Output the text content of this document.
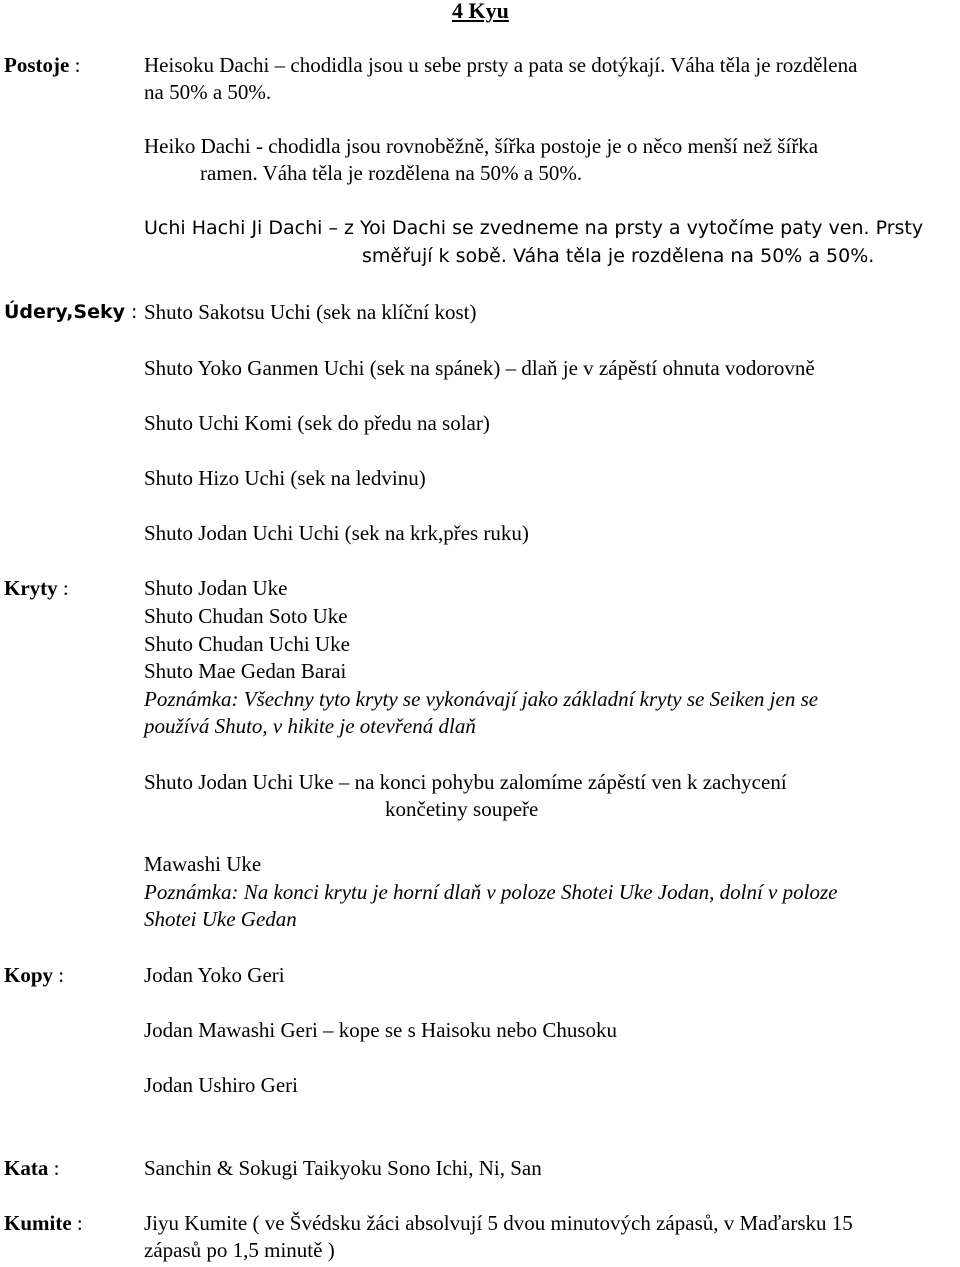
4 Kyu
Postoje :	Heisoku Dachi – chodidla jsou u sebe prsty a pata se dotýkají. Váha těla je rozdělena
na 50% a 50%.
Heiko Dachi - chodidla jsou rovnoběžně, šířka postoje je o něco menší než šířka
ramen. Váha těla je rozdělena na 50% a 50%.
Uchi Hachi Ji Dachi – z Yoi Dachi se zvedneme na prsty a vytočíme paty ven. Prsty
směřují k sobě. Váha těla je rozdělena na 50% a 50%.
Údery,Seky : Shuto Sakotsu Uchi (sek na klíční kost)
Shuto Yoko Ganmen Uchi (sek na spánek) – dlaň je v zápěstí ohnuta vodorovně
Shuto Uchi Komi (sek do předu na solar)
Shuto Hizo Uchi (sek na ledvinu)
Shuto Jodan Uchi Uchi (sek na krk,přes ruku)
Kryty :	Shuto Jodan Uke
Shuto Chudan Soto Uke
Shuto Chudan Uchi Uke
Shuto Mae Gedan Barai
Poznámka: Všechny tyto kryty se vykonávají jako základní kryty se Seiken jen se
používá Shuto, v hikite je otevřená dlaň
Shuto Jodan Uchi Uke – na konci pohybu zalomíme zápěstí ven k zachycení
končetiny soupeře
Mawashi Uke
Poznámka: Na konci krytu je horní dlaň v poloze Shotei Uke Jodan, dolní v poloze
Shotei Uke Gedan
Kopy :	Jodan Yoko Geri
Jodan Mawashi Geri – kope se s Haisoku nebo Chusoku
Jodan Ushiro Geri
Kata :	Sanchin & Sokugi Taikyoku Sono Ichi, Ni, San
Kumite :	Jiyu Kumite ( ve Švédsku žáci absolvují 5 dvou minutových zápasů, v Maďarsku 15
zápasů po 1,5 minutě )
